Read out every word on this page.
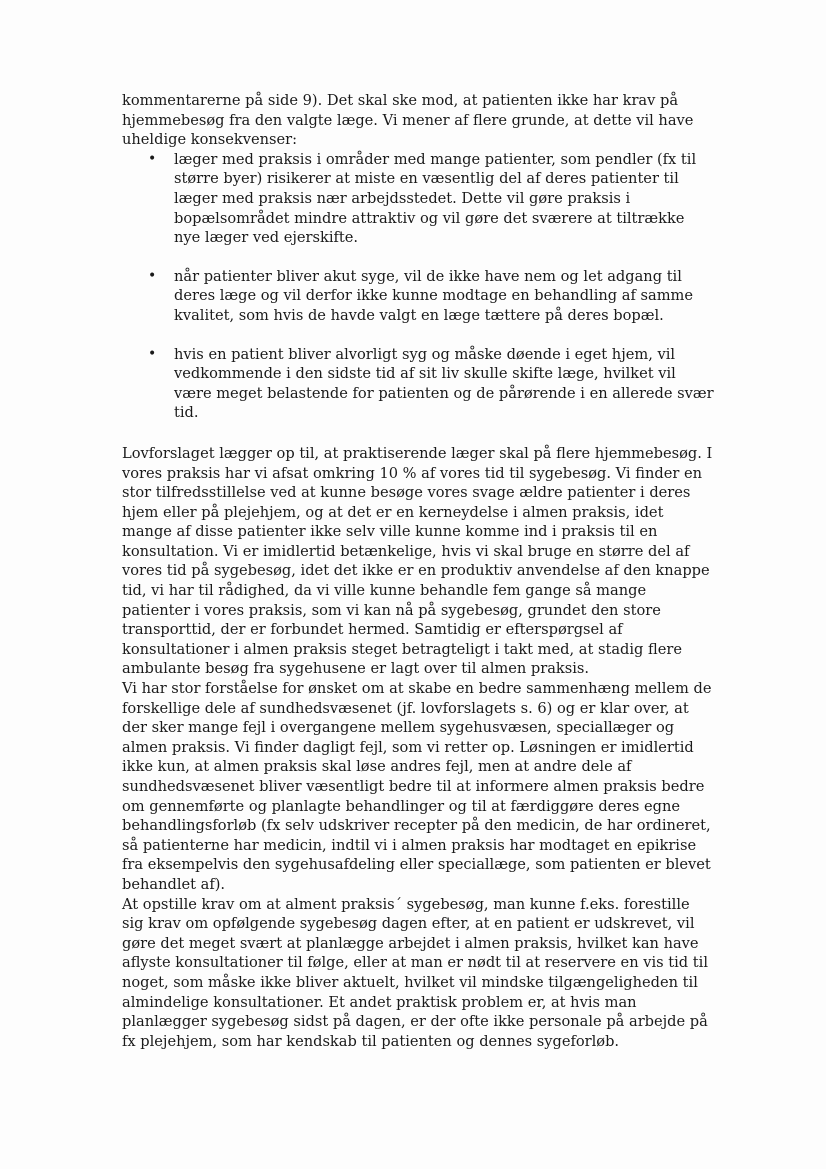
kommentarerne på side 9). Det skal ske mod, at patienten ikke har krav på hjemmebesøg fra den valgte læge. Vi mener af flere grunde, at dette vil have uheldige konsekvenser:

• læger med praksis i områder med mange patienter, som pendler (fx til større byer) risikerer at miste en væsentlig del af deres patienter til læger med praksis nær arbejdsstedet. Dette vil gøre praksis i bopælsområdet mindre attraktiv og vil gøre det sværere at tiltrække nye læger ved ejerskifte.
• når patienter bliver akut syge, vil de ikke have nem og let adgang til deres læge og vil derfor ikke kunne modtage en behandling af samme kvalitet, som hvis de havde valgt en læge tættere på deres bopæl.
• hvis en patient bliver alvorligt syg og måske døende i eget hjem, vil vedkommende i den sidste tid af sit liv skulle skifte læge, hvilket vil være meget belastende for patienten og de pårørende i en allerede svær tid.

Lovforslaget lægger op til, at praktiserende læger skal på flere hjemmebesøg. I vores praksis har vi afsat omkring 10 % af vores tid til sygebesøg. Vi finder en stor tilfredsstillelse ved at kunne besøge vores svage ældre patienter i deres hjem eller på plejehjem, og at det er en kerneydelse i almen praksis, idet mange af disse patienter ikke selv ville kunne komme ind i praksis til en konsultation. Vi er imidlertid betænkelige, hvis vi skal bruge en større del af vores tid på sygebesøg, idet det ikke er en produktiv anvendelse af den knappe tid, vi har til rådighed, da vi ville kunne behandle fem gange så mange patienter i vores praksis, som vi kan nå på sygebesøg, grundet den store transporttid, der er forbundet hermed. Samtidig er efterspørgsel af konsultationer i almen praksis steget betragteligt i takt med, at stadig flere ambulante besøg fra sygehusene er lagt over til almen praksis.

Vi har stor forståelse for ønsket om at skabe en bedre sammenhæng mellem de forskellige dele af sundhedsvæsenet (jf. lovforslagets s. 6) og er klar over, at der sker mange fejl i overgangene mellem sygehusvæsen, speciallæger og almen praksis. Vi finder dagligt fejl, som vi retter op. Løsningen er imidlertid ikke kun, at almen praksis skal løse andres fejl, men at andre dele af sundhedsvæsenet bliver væsentligt bedre til at informere almen praksis bedre om gennemførte og planlagte behandlinger og til at færdiggøre deres egne behandlingsforløb (fx selv udskriver recepter på den medicin, de har ordineret, så patienterne har medicin, indtil vi i almen praksis har modtaget en epikrise fra eksempelvis den sygehusafdeling eller speciallæge, som patienten er blevet behandlet af).

At opstille krav om at alment praksis´ sygebesøg, man kunne f.eks. forestille sig krav om opfølgende sygebesøg dagen efter, at en patient er udskrevet, vil gøre det meget svært at planlægge arbejdet i almen praksis, hvilket kan have aflyste konsultationer til følge, eller at man er nødt til at reservere en vis tid til noget, som måske ikke bliver aktuelt, hvilket vil mindske tilgængeligheden til almindelige konsultationer. Et andet praktisk problem er, at hvis man planlægger sygebesøg sidst på dagen, er der ofte ikke personale på arbejde på fx plejehjem, som har kendskab til patienten og dennes sygeforløb.
